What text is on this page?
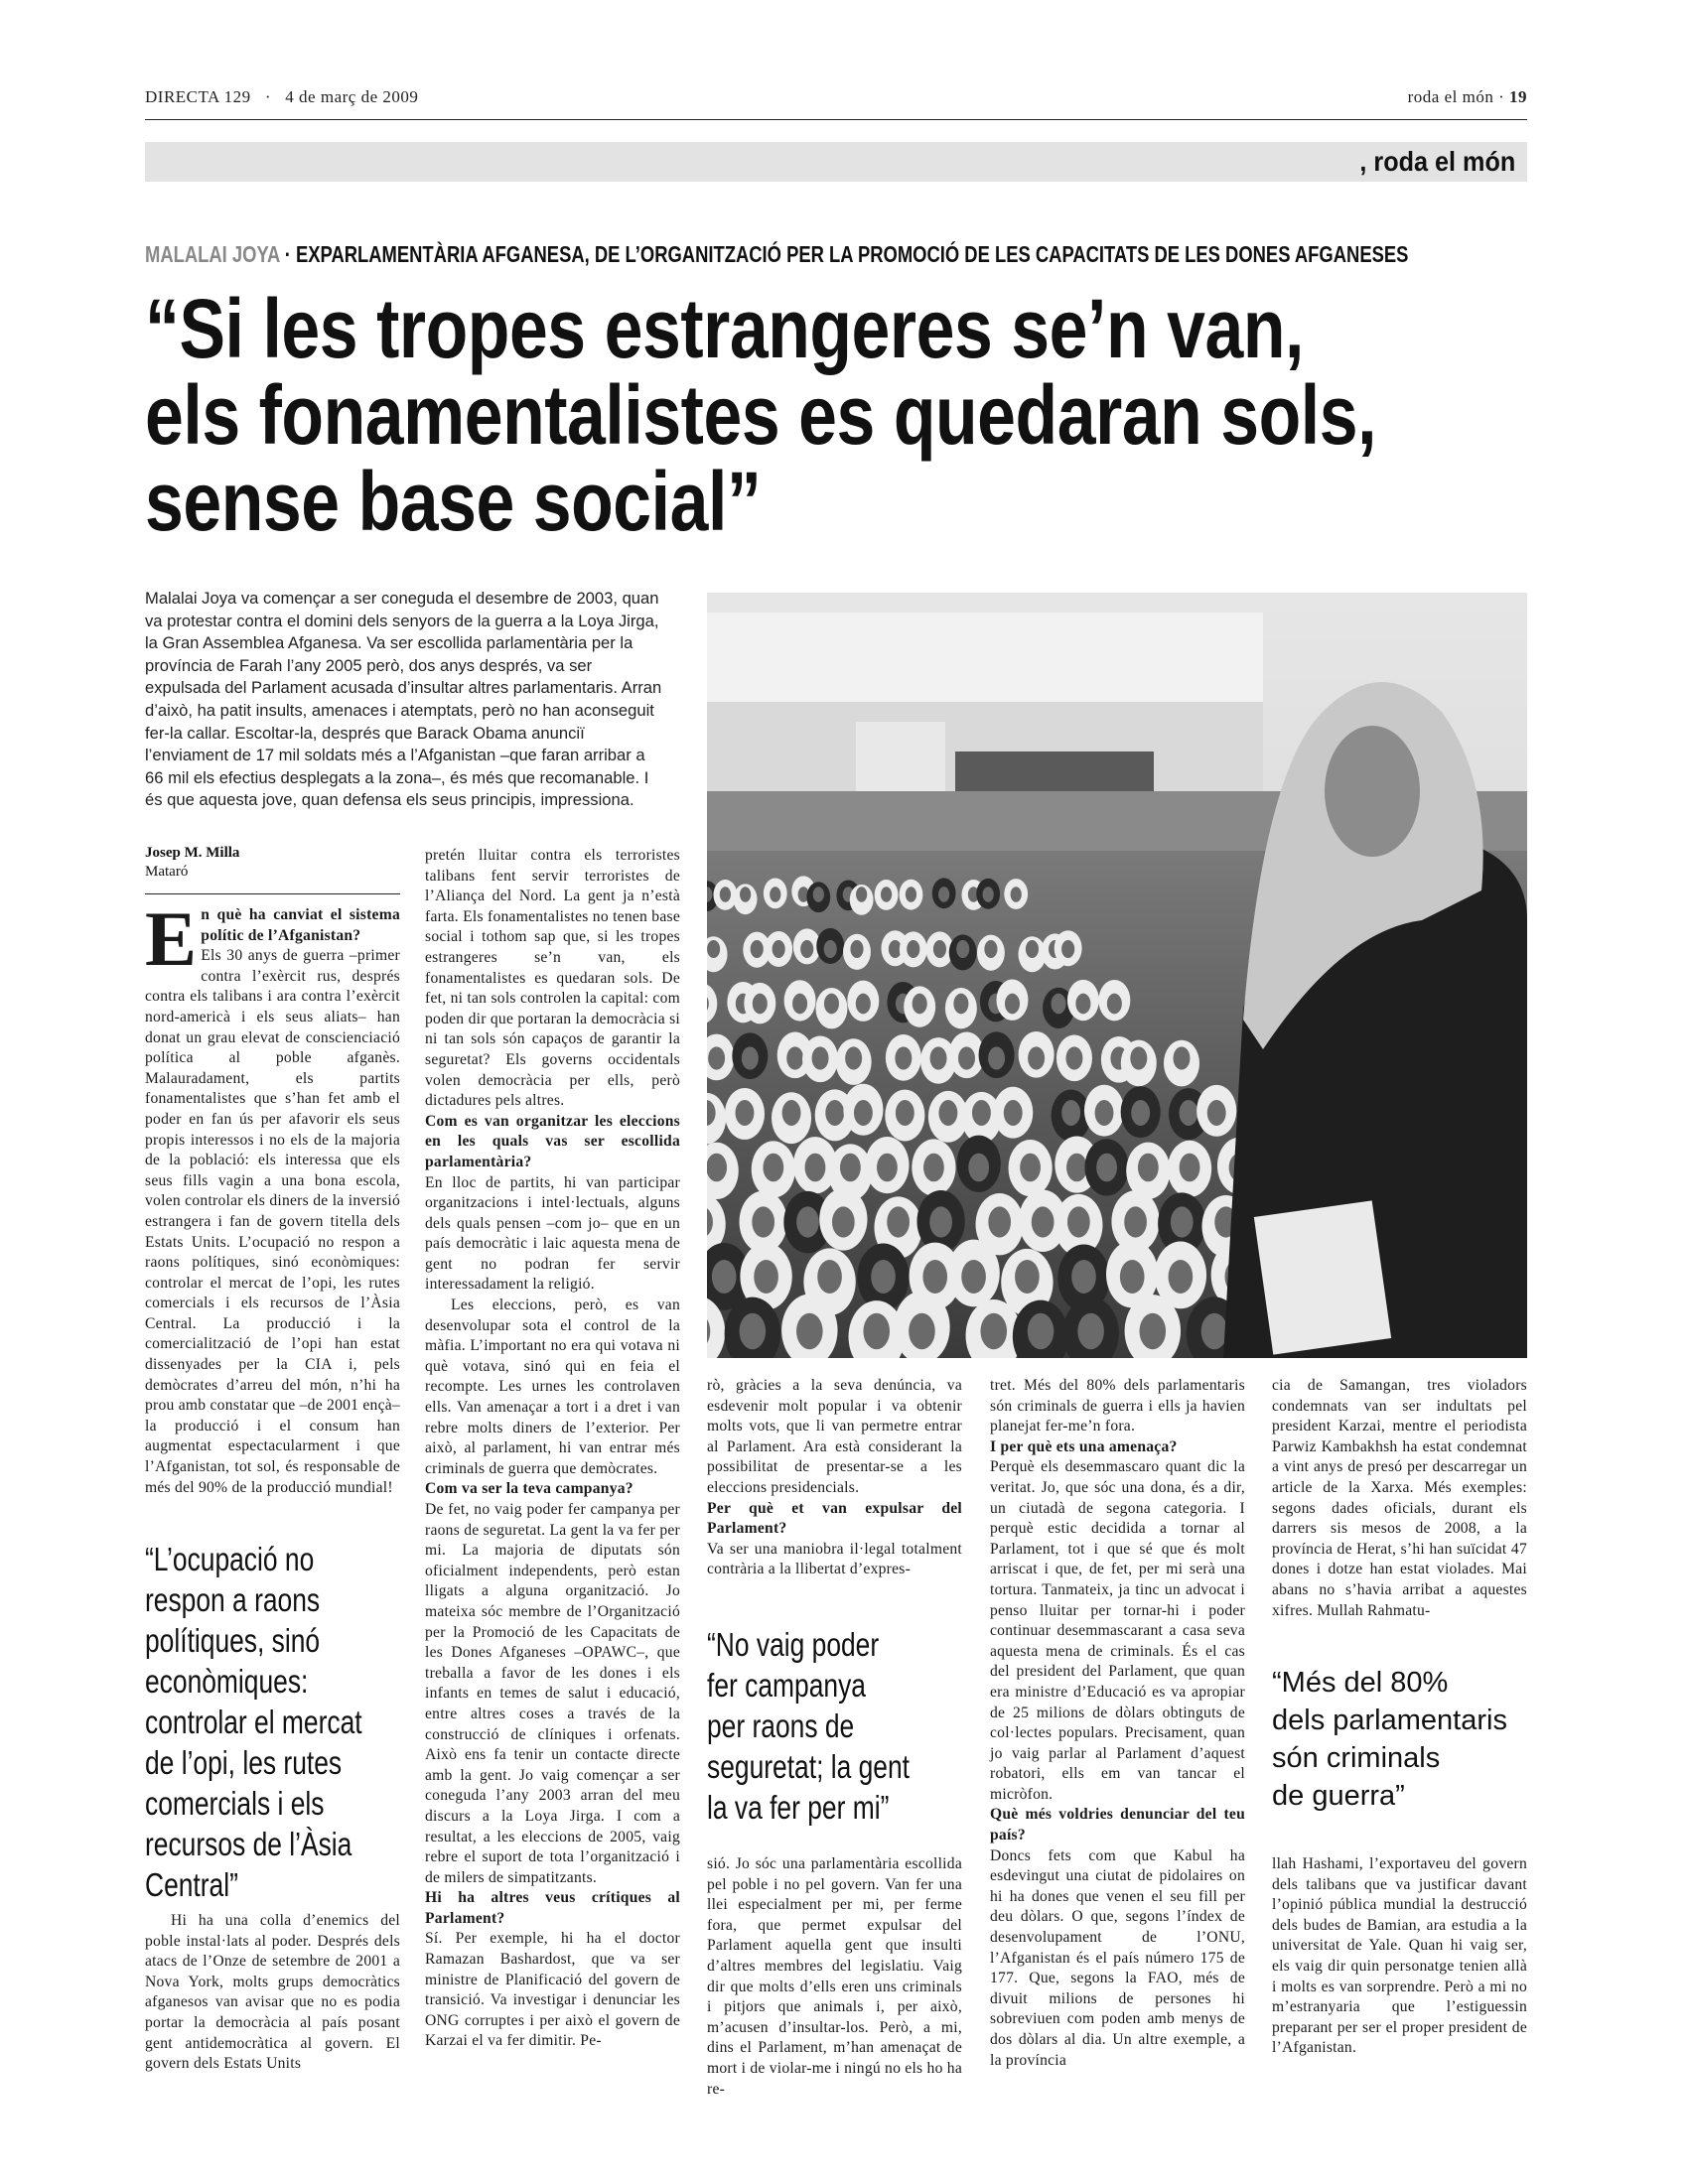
DIRECTA 129 · 4 de març de 2009	roda el món · 19
, roda el món
MALALAI JOYA · EXPARLAMENTÀRIA AFGANESA, DE L’ORGANITZACIÓ PER LA PROMOCIÓ DE LES CAPACITATS DE LES DONES AFGANESES
“Si les tropes estrangeres se’n van,
els fonamentalistes es quedaran sols,
sense base social”
Malalai Joya va començar a ser coneguda el desembre de 2003, quan va protestar contra el domini dels senyors de la guerra a la Loya Jirga, la Gran Assemblea Afganesa. Va ser escollida parlamentària per la província de Farah l’any 2005 però, dos anys després, va ser expulsada del Parlament acusada d’insultar altres parlamentaris. Arran d’això, ha patit insults, amenaces i atemptats, però no han aconseguit fer-la callar. Escoltar-la, després que Barack Obama anunciï l’enviament de 17 mil soldats més a l’Afganistan –que faran arribar a 66 mil els efectius desplegats a la zona–, és més que recomanable. I és que aquesta jove, quan defensa els seus principis, impressiona.
Josep M. Milla
Mataró
E n què ha canviat el sistema polític de l’Afganistan?

Els 30 anys de guerra –primer contra l’exèrcit rus, després contra els talibans i ara contra l’exèrcit nord-americà i els seus aliats– han donat un grau elevat de conscienciació política al poble afganès. Malauradament, els partits fonamentalistes que s’han fet amb el poder en fan ús per afavorir els seus propis interessos i no els de la majoria de la població: els interessa que els seus fills vagin a una bona escola, volen controlar els diners de la inversió estrangera i fan de govern titella dels Estats Units. L’ocupació no respon a raons polítiques, sinó econòmiques: controlar el mercat de l’opi, les rutes comercials i els recursos de l’Àsia Central. La producció i la comercialització de l’opi han estat dissenyades per la CIA i, pels demòcrates d’arreu del món, n’hi ha prou amb constatar que –de 2001 ençà– la producció i el consum han augmentat espectacularment i que l’Afganistan, tot sol, és responsable de més del 90% de la producció mundial!

“L’ocupació no
respon a raons
polítiques, sinó
econòmiques:
controlar el mercat
de l’opi, les rutes
comercials i els
recursos de l’Àsia
Central”

Hi ha una colla d’enemics del poble instal·lats al poder. Després dels atacs de l’Onze de setembre de 2001 a Nova York, molts grups democràtics afganesos van avisar que no es podia portar la democràcia al país posant gent antidemocràtica al govern. El govern dels Estats Units

pretén lluitar contra els terroristes talibans fent servir terroristes de l’Aliança del Nord. La gent ja n’està farta. Els fonamentalistes no tenen base social i tothom sap que, si les tropes estrangeres se’n van, els fonamentalistes es quedaran sols. De fet, ni tan sols controlen la capital: com poden dir que portaran la democràcia si ni tan sols són capaços de garantir la seguretat? Els governs occidentals volen democràcia per ells, però dictadures pels altres.

Com es van organitzar les eleccions en les quals vas ser escollida parlamentària?

En lloc de partits, hi van participar organitzacions i intel·lectuals, alguns dels quals pensen –com jo– que en un país democràtic i laic aquesta mena de gent no podran fer servir interessadament la religió.

Les eleccions, però, es van desenvolupar sota el control de la màfia. L’important no era qui votava ni què votava, sinó qui en feia el recompte. Les urnes les controlaven ells. Van amenaçar a tort i a dret i van rebre molts diners de l’exterior. Per això, al parlament, hi van entrar més criminals de guerra que demòcrates.

Com va ser la teva campanya?

De fet, no vaig poder fer campanya per raons de seguretat. La gent la va fer per mi. La majoria de diputats són oficialment independents, però estan lligats a alguna organització. Jo mateixa sóc membre de l’Organització per la Promoció de les Capacitats de les Dones Afganeses –OPAWC–, que treballa a favor de les dones i els infants en temes de salut i educació, entre altres coses a través de la construcció de clíniques i orfenats. Això ens fa tenir un contacte directe amb la gent. Jo vaig començar a ser coneguda l’any 2003 arran del meu discurs a la Loya Jirga. I com a resultat, a les eleccions de 2005, vaig rebre el suport de tota l’organització i de milers de simpatitzants.

Hi ha altres veus crítiques al Parlament?

Sí. Per exemple, hi ha el doctor Ramazan Bashardost, que va ser ministre de Planificació del govern de transició. Va investigar i denunciar les ONG corruptes i per això el govern de Karzai el va fer dimitir. Pe-

rò, gràcies a la seva denúncia, va esdevenir molt popular i va obtenir molts vots, que li van permetre entrar al Parlament. Ara està considerant la possibilitat de presentar-se a les eleccions presidencials.

Per què et van expulsar del Parlament?

Va ser una maniobra il·legal totalment contrària a la llibertat d’expres-

“No vaig poder
fer campanya
per raons de
seguretat; la gent
la va fer per mi”

sió. Jo sóc una parlamentària escollida pel poble i no pel govern. Van fer una llei especialment per mi, per ferme fora, que permet expulsar del Parlament aquella gent que insulti d’altres membres del legislatiu. Vaig dir que molts d’ells eren uns criminals i pitjors que animals i, per això, m’acusen d’insultar-los. Però, a mi, dins el Parlament, m’han amenaçat de mort i de violar-me i ningú no els ho ha re-

tret. Més del 80% dels parlamentaris són criminals de guerra i ells ja havien planejat fer-me’n fora.

I per què ets una amenaça?

Perquè els desemmascaro quant dic la veritat. Jo, que sóc una dona, és a dir, un ciutadà de segona categoria. I perquè estic decidida a tornar al Parlament, tot i que sé que és molt arriscat i que, de fet, per mi serà una tortura. Tanmateix, ja tinc un advocat i penso lluitar per tornar-hi i poder continuar desemmascarant a casa seva aquesta mena de criminals. És el cas del president del Parlament, que quan era ministre d’Educació es va apropiar de 25 milions de dòlars obtinguts de col·lectes populars. Precisament, quan jo vaig parlar al Parlament d’aquest robatori, ells em van tancar el micròfon.

Què més voldries denunciar del teu país?

Doncs fets com que Kabul ha esdevingut una ciutat de pidolaires on hi ha dones que venen el seu fill per deu dòlars. O que, segons l’índex de desenvolupament de l’ONU, l’Afganistan és el país número 175 de 177. Que, segons la FAO, més de divuit milions de persones hi sobreviuen com poden amb menys de dos dòlars al dia. Un altre exemple, a la província

cia de Samangan, tres violadors condemnats van ser indultats pel president Karzai, mentre el periodista Parwiz Kambakhsh ha estat condemnat a vint anys de presó per descarregar un article de la Xarxa. Més exemples: segons dades oficials, durant els darrers sis mesos de 2008, a la província de Herat, s’hi han suïcidat 47 dones i dotze han estat violades. Mai abans no s’havia arribat a aquestes xifres. Mullah Rahmatu-

“Més del 80%
dels parlamentaris
són criminals
de guerra”

llah Hashami, l’exportaveu del govern dels talibans que va justificar davant l’opinió pública mundial la destrucció dels budes de Bamian, ara estudia a la universitat de Yale. Quan hi vaig ser, els vaig dir quin personatge tenien allà i molts es van sorprendre. Però a mi no m’estranyaria que l’estiguessin preparant per ser el proper president de l’Afganistan.
